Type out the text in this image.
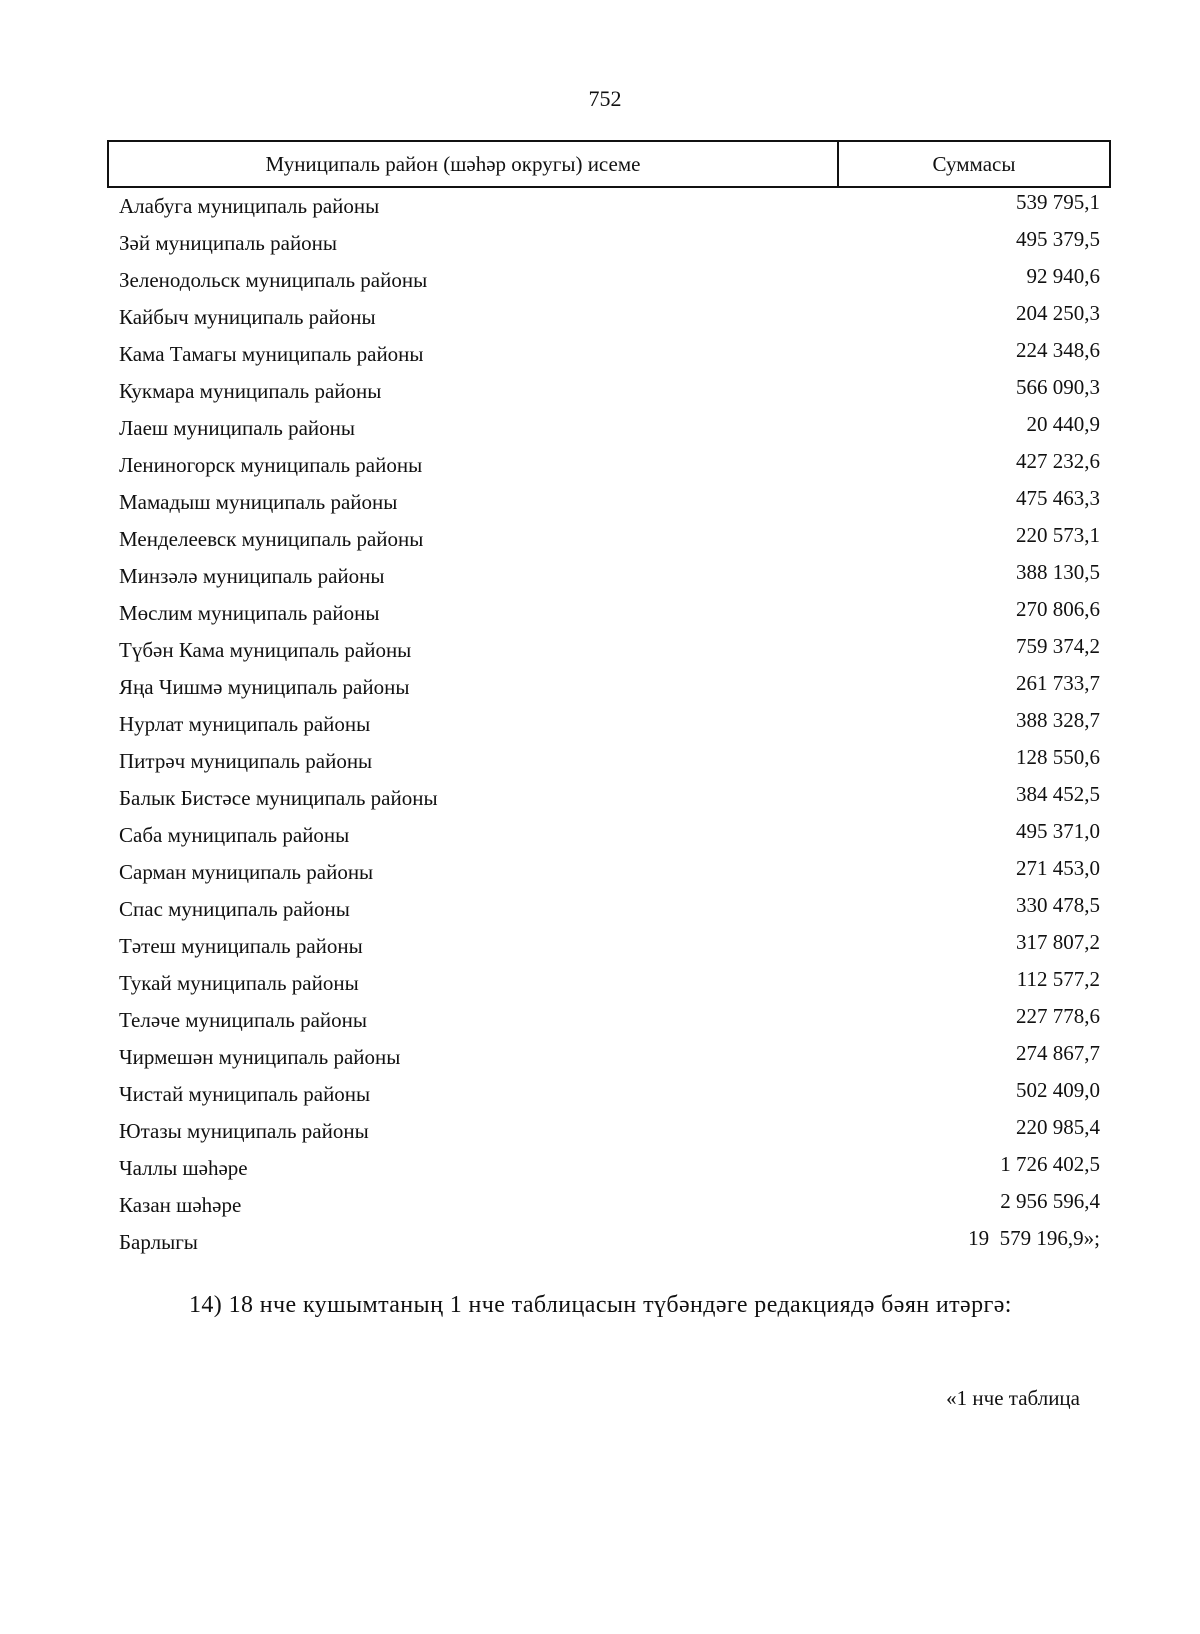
752
Муниципаль район (шәһәр округы) исеме	Суммасы
Алабуга муниципаль районы	539 795,1
Зәй муниципаль районы	495 379,5
Зеленодольск муниципаль районы	92 940,6
Кайбыч муниципаль районы	204 250,3
Кама Тамагы муниципаль районы	224 348,6
Кукмара муниципаль районы	566 090,3
Лаеш муниципаль районы	20 440,9
Лениногорск муниципаль районы	427 232,6
Мамадыш муниципаль районы	475 463,3
Менделеевск муниципаль районы	220 573,1
Минзәлә муниципаль районы	388 130,5
Мөслим муниципаль районы	270 806,6
Түбән Кама муниципаль районы	759 374,2
Яңа Чишмә муниципаль районы	261 733,7
Нурлат муниципаль районы	388 328,7
Питрәч муниципаль районы	128 550,6
Балык Бистәсе муниципаль районы	384 452,5
Саба муниципаль районы	495 371,0
Сарман муниципаль районы	271 453,0
Спас муниципаль районы	330 478,5
Тәтеш муниципаль районы	317 807,2
Тукай муниципаль районы	112 577,2
Теләче муниципаль районы	227 778,6
Чирмешән муниципаль районы	274 867,7
Чистай муниципаль районы	502 409,0
Ютазы муниципаль районы	220 985,4
Чаллы шәһәре	1 726 402,5
Казан шәһәре	2 956 596,4
Барлыгы	19  579 196,9»;
14) 18 нче кушымтаның 1 нче таблицасын түбәндәге редакциядә бәян итәргә:
«1 нче таблица
